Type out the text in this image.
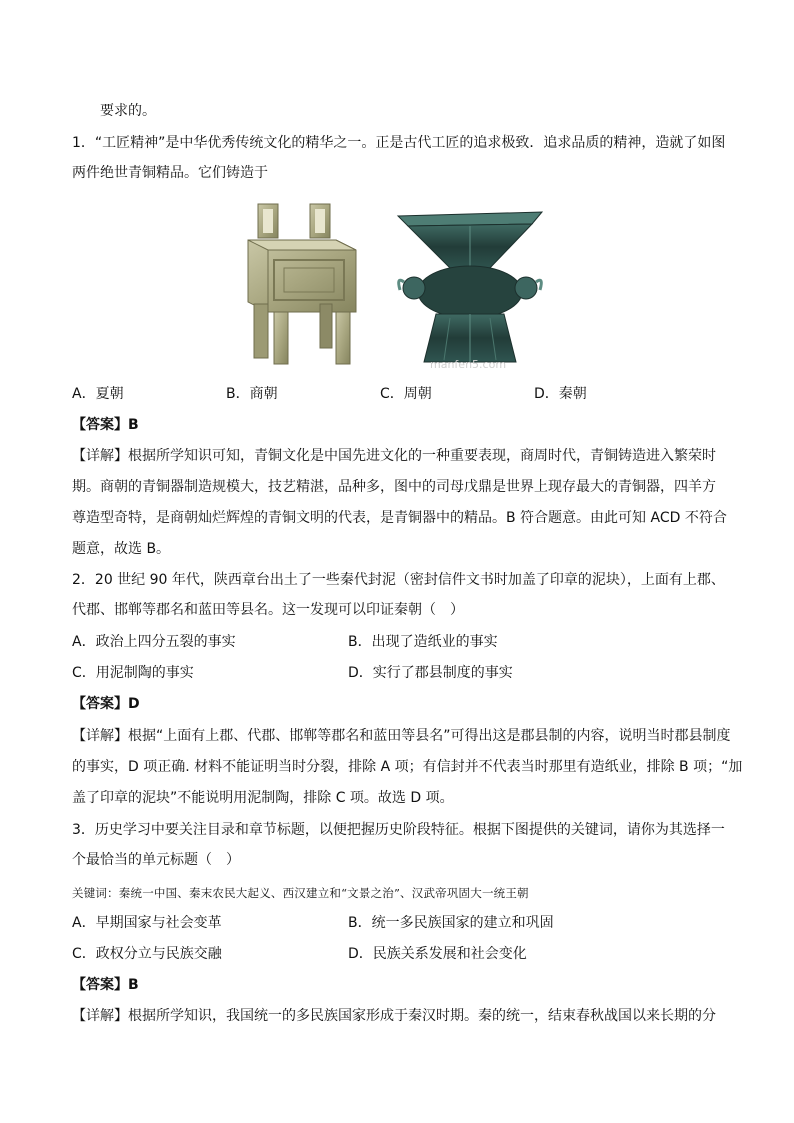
要求的。
1．“工匠精神”是中华优秀传统文化的精华之一。正是古代工匠的追求极致．追求品质的精神，造就了如图
两件绝世青铜精品。它们铸造于
manfen5.com
A．夏朝	B．商朝	C．周朝	D．秦朝
【答案】B
【详解】根据所学知识可知，青铜文化是中国先进文化的一种重要表现，商周时代，青铜铸造进入繁荣时
期。商朝的青铜器制造规模大，技艺精湛，品种多，图中的司母戊鼎是世界上现存最大的青铜器，四羊方
尊造型奇特，是商朝灿烂辉煌的青铜文明的代表，是青铜器中的精品。B 符合题意。由此可知 ACD 不符合
题意，故选 B。
2．20 世纪 90 年代，陕西章台出土了一些秦代封泥（密封信件文书时加盖了印章的泥块），上面有上郡、
代郡、邯郸等郡名和蓝田等县名。这一发现可以印证秦朝（　）
A．政治上四分五裂的事实	B．出现了造纸业的事实
C．用泥制陶的事实	D．实行了郡县制度的事实
【答案】D
【详解】根据“上面有上郡、代郡、邯郸等郡名和蓝田等县名”可得出这是郡县制的内容，说明当时郡县制度
的事实，D 项正确. 材料不能证明当时分裂，排除 A 项；有信封并不代表当时那里有造纸业，排除 B 项；“加
盖了印章的泥块”不能说明用泥制陶，排除 C 项。故选 D 项。
3．历史学习中要关注目录和章节标题，以便把握历史阶段特征。根据下图提供的关键词，请你为其选择一
个最恰当的单元标题（　）
关键词：秦统一中国、秦末农民大起义、西汉建立和“文景之治”、汉武帝巩固大一统王朝
A．早期国家与社会变革	B．统一多民族国家的建立和巩固
C．政权分立与民族交融	D．民族关系发展和社会变化
【答案】B
【详解】根据所学知识，我国统一的多民族国家形成于秦汉时期。秦的统一，结束春秋战国以来长期的分
